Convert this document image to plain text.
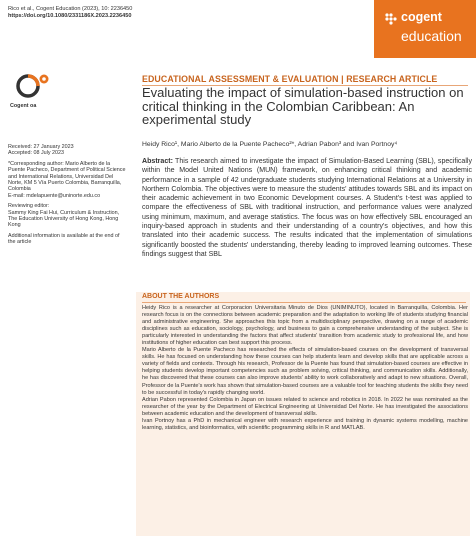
Rico et al., Cogent Education (2023), 10: 2236450
https://doi.org/10.1080/2331186X.2023.2236450	cogent
education
Cogent oa
EDUCATIONAL ASSESSMENT & EVALUATION | RESEARCH ARTICLE
Evaluating the impact of simulation-based instruction on critical thinking in the Colombian Caribbean: An experimental study
Heidy Rico¹, Mario Alberto de la Puente Pacheco²*, Adrian Pabon³ and Ivan Portnoy⁴

Received: 27 January 2023
Accepted: 08 July 2023

*Corresponding author: Mario Alberto de la Puente Pacheco, Department of Political Science and International Relations, Universidad Del Norte, KM 5 Vía Puerto Colombia, Barranquilla, Colombia
E-mail: mdelapuente@uninorte.edu.co

Reviewing editor:
Sammy King Fai Hui, Curriculum & Instruction, The Education University of Hong Kong, Hong Kong

Additional information is available at the end of the article

Abstract: This research aimed to investigate the impact of Simulation-Based Learning (SBL), specifically within the Model United Nations (MUN) framework, on enhancing critical thinking and academic performance in a sample of 42 undergraduate students studying International Relations at a University in Northern Colombia. The objectives were to measure the students' attitudes towards SBL and its impact on their academic achievement in two Economic Development courses. A Student's t-test was applied to compare the effectiveness of SBL with traditional instruction, and performance values were analyzed using minimum, maximum, and average statistics. The focus was on how effectively SBL encouraged an inquiry-based approach in students and their understanding of a country's objectives, and how this translated into their academic success. The results indicated that the implementation of simulations significantly boosted the students' understanding, thereby leading to improved learning outcomes. These findings suggest that SBL
ABOUT THE AUTHORS

Heidy Rico is a researcher at Corporacion Universitaria Minuto de Dios (UNIMINUTO), located in Barranquilla, Colombia. Her research focus is on the connections between academic preparation and the adaptation to working life of students studying financial and administrative engineering. She approaches this topic from a multidisciplinary perspective, drawing on a range of academic disciplines such as education, sociology, psychology, and business to gain a comprehensive understanding of the subject. She is particularly interested in understanding the factors that affect students' transition from academic study to professional life, and how institutions of higher education can best support this process.

Mario Alberto de la Puente Pacheco has researched the effects of simulation-based courses on the development of transversal skills. He has focused on understanding how these courses can help students learn and develop skills that are applicable across a variety of fields and contexts. Through his research, Professor de la Puente has found that simulation-based courses are effective in helping students develop important competencies such as problem solving, critical thinking, and communication skills. Additionally, he has discovered that these courses can also improve students' ability to work collaboratively and adapt to new situations. Overall, Professor de la Puente's work has shown that simulation-based courses are a valuable tool for teaching students the skills they need to be successful in today's rapidly changing world.

Adrian Pabon represented Colombia in Japan on issues related to science and robotics in 2018. In 2022 he was nominated as the researcher of the year by the Department of Electrical Engineering at Universidad Del Norte. He has investigated the associations between academic education and the development of transversal skills.

Ivan Portnoy has a PhD in mechanical engineer with research experience and training in dynamic systems modelling, machine learning, statistics, and bioinformatics, with scientific programming skills in R and MATLAB.
